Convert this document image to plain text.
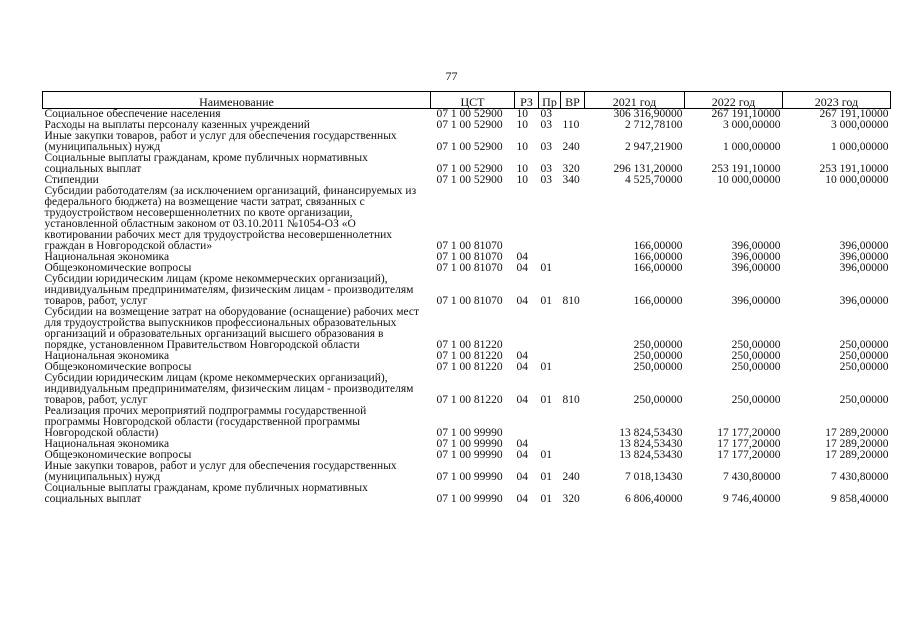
77
Наименование	ЦСТ	РЗ	Пр	ВР	2021 год	2022 год	2023 год
Социальное обеспечение населения	07 1 00 52900	10	03		306 316,90000	267 191,10000	267 191,10000
Расходы на выплаты персоналу казенных учреждений	07 1 00 52900	10	03	110	2 712,78100	3 000,00000	3 000,00000
Иные закупки товаров, работ и услуг для обеспечения государственных (муниципальных) нужд	07 1 00 52900	10	03	240	2 947,21900	1 000,00000	1 000,00000
Социальные выплаты гражданам, кроме публичных нормативных социальных выплат	07 1 00 52900	10	03	320	296 131,20000	253 191,10000	253 191,10000
Стипендии	07 1 00 52900	10	03	340	4 525,70000	10 000,00000	10 000,00000
Субсидии работодателям (за исключением организаций, финансируемых из федерального бюджета) на возмещение части затрат, связанных с трудоустройством несовершеннолетних по квоте организации, установленной областным законом от 03.10.2011 №1054-ОЗ «О квотировании рабочих мест для трудоустройства несовершеннолетних граждан в Новгородской области»	07 1 00 81070				166,00000	396,00000	396,00000
Национальная экономика	07 1 00 81070	04			166,00000	396,00000	396,00000
Общеэкономические вопросы	07 1 00 81070	04	01		166,00000	396,00000	396,00000
Субсидии юридическим лицам (кроме некоммерческих организаций), индивидуальным предпринимателям, физическим лицам - производителям товаров, работ, услуг	07 1 00 81070	04	01	810	166,00000	396,00000	396,00000
Субсидии на возмещение затрат на оборудование (оснащение) рабочих мест для трудоустройства выпускников профессиональных образовательных организаций и образовательных организаций высшего образования в порядке, установленном Правительством Новгородской области	07 1 00 81220				250,00000	250,00000	250,00000
Национальная экономика	07 1 00 81220	04			250,00000	250,00000	250,00000
Общеэкономические вопросы	07 1 00 81220	04	01		250,00000	250,00000	250,00000
Субсидии юридическим лицам (кроме некоммерческих организаций), индивидуальным предпринимателям, физическим лицам - производителям товаров, работ, услуг	07 1 00 81220	04	01	810	250,00000	250,00000	250,00000
Реализация прочих мероприятий подпрограммы государственной программы Новгородской области (государственной программы Новгородской области)	07 1 00 99990				13 824,53430	17 177,20000	17 289,20000
Национальная экономика	07 1 00 99990	04			13 824,53430	17 177,20000	17 289,20000
Общеэкономические вопросы	07 1 00 99990	04	01		13 824,53430	17 177,20000	17 289,20000
Иные закупки товаров, работ и услуг для обеспечения государственных (муниципальных) нужд	07 1 00 99990	04	01	240	7 018,13430	7 430,80000	7 430,80000
Социальные выплаты гражданам, кроме публичных нормативных социальных выплат	07 1 00 99990	04	01	320	6 806,40000	9 746,40000	9 858,40000
